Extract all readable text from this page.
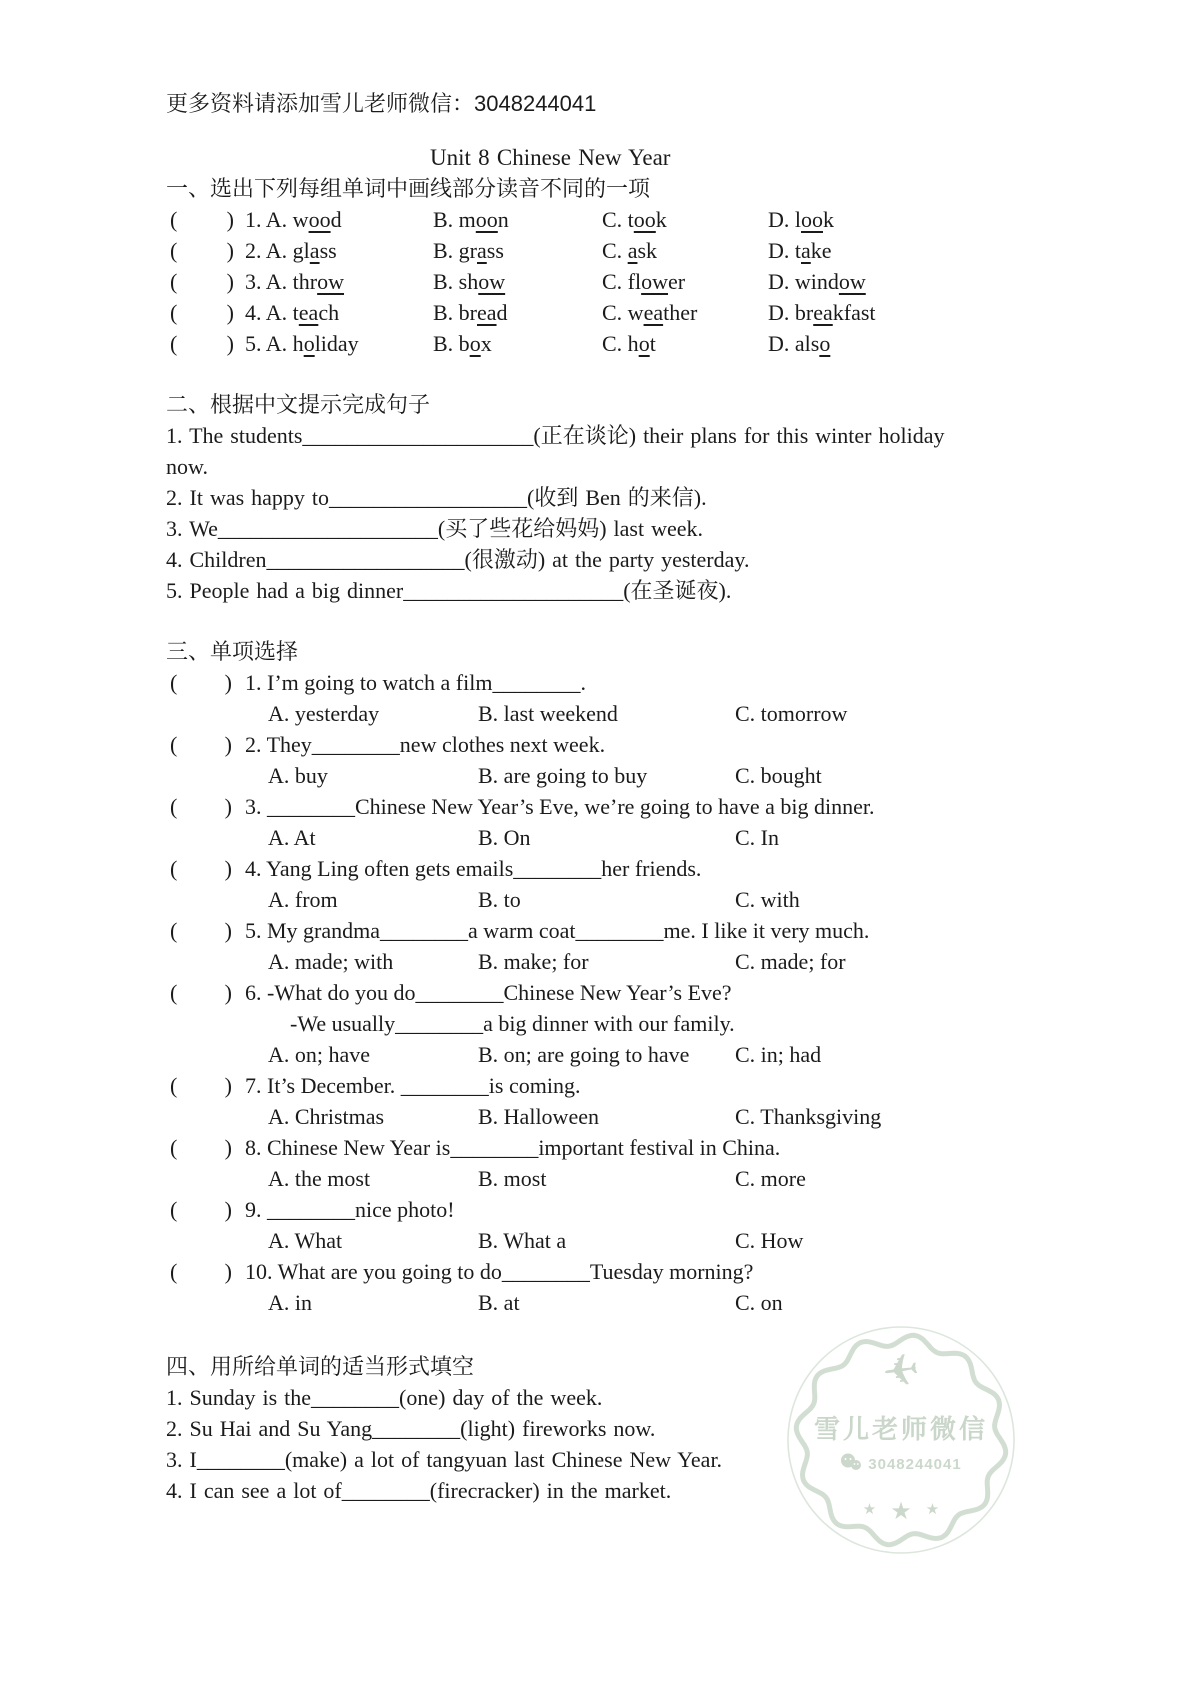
更多资料请添加雪儿老师微信：3048244041
Unit 8 Chinese New Year
一、选出下列每组单词中画线部分读音不同的一项
( ) 1. A. wood	B. moon	C. took	D. look
( ) 2. A. glass	B. grass	C. ask	D. take
( ) 3. A. throw	B. show	C. flower	D. window
( ) 4. A. teach	B. bread	C. weather	D. breakfast
( ) 5. A. holiday	B. box	C. hot	D. also
二、根据中文提示完成句子
1. The students_____________________(正在谈论) their plans for this winter holiday
now.
2. It was happy to__________________(收到 Ben 的来信).
3. We____________________(买了些花给妈妈) last week.
4. Children__________________(很激动) at the party yesterday.
5. People had a big dinner____________________(在圣诞夜).
三、单项选择
( ) 1. I’m going to watch a film________.
A. yesterday	B. last weekend	C. tomorrow
( ) 2. They________new clothes next week.
A. buy	B. are going to buy	C. bought
( ) 3. ________Chinese New Year’s Eve, we’re going to have a big dinner.
A. At	B. On	C. In
( ) 4. Yang Ling often gets emails________her friends.
A. from	B. to	C. with
( ) 5. My grandma________a warm coat________me. I like it very much.
A. made; with	B. make; for	C. made; for
( ) 6. -What do you do________Chinese New Year’s Eve?
-We usually________a big dinner with our family.
A. on; have	B. on; are going to have	C. in; had
( ) 7. It’s December. ________is coming.
A. Christmas	B. Halloween	C. Thanksgiving
( ) 8. Chinese New Year is________important festival in China.
A. the most	B. most	C. more
( ) 9. ________nice photo!
A. What	B. What a	C. How
( ) 10. What are you going to do________Tuesday morning?
A. in	B. at	C. on
四、用所给单词的适当形式填空
1. Sunday is the________(one) day of the week.
2. Su Hai and Su Yang________(light) fireworks now.
3. I________(make) a lot of tangyuan last Chinese New Year.
4. I can see a lot of________(firecracker) in the market.
✈
雪儿老师微信
3048244041
★ ★ ★
